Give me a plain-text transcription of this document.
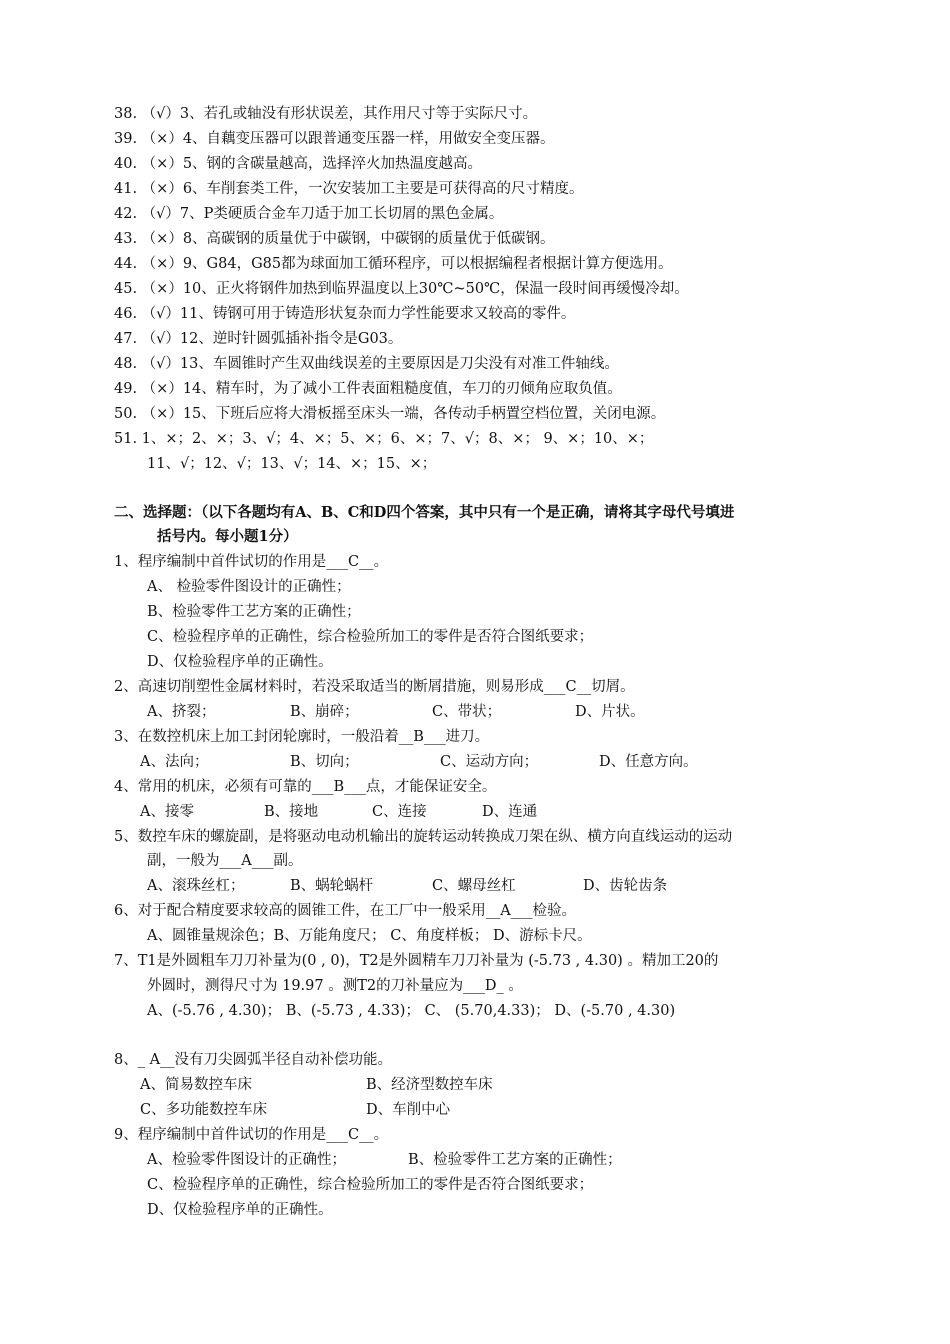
38. （√）3、若孔或轴没有形状误差，其作用尺寸等于实际尺寸。
39. （×）4、自藕变压器可以跟普通变压器一样，用做安全变压器。
40. （×）5、钢的含碳量越高，选择淬火加热温度越高。
41. （×）6、车削套类工件，一次安装加工主要是可获得高的尺寸精度。
42. （√）7、P类硬质合金车刀适于加工长切屑的黑色金属。
43. （×）8、高碳钢的质量优于中碳钢，中碳钢的质量优于低碳钢。
44. （×）9、G84，G85都为球面加工循环程序，可以根据编程者根据计算方便选用。
45. （×）10、正火将钢件加热到临界温度以上30℃~50℃，保温一段时间再缓慢冷却。
46. （√）11、铸钢可用于铸造形状复杂而力学性能要求又较高的零件。
47. （√）12、逆时针圆弧插补指令是G03。
48. （√）13、车圆锥时产生双曲线误差的主要原因是刀尖没有对准工件轴线。
49. （×）14、精车时，为了减小工件表面粗糙度值，车刀的刃倾角应取负值。
50. （×）15、下班后应将大滑板摇至床头一端，各传动手柄置空档位置，关闭电源。
51. 1、×；2、×；3、√；4、×；5、×；6、×；7、√；8、×； 9、×；10、×；
11、√；12、√；13、√；14、×；15、×；
二、选择题：（以下各题均有A、B、C和D四个答案，其中只有一个是正确，请将其字母代号填进
括号内。每小题1分）
1、程序编制中首件试切的作用是___C__。
A、 检验零件图设计的正确性；
B、检验零件工艺方案的正确性；
C、检验程序单的正确性，综合检验所加工的零件是否符合图纸要求；
D、仅检验程序单的正确性。
2、高速切削塑性金属材料时，若没采取适当的断屑措施，则易形成___C__切屑。
A、挤裂；	B、崩碎；	C、带状；	D、片状。
3、在数控机床上加工封闭轮廓时，一般沿着__B___进刀。
A、法向；	B、切向；	C、运动方向；	D、任意方向。
4、常用的机床，必须有可靠的___B___点，才能保证安全。
A、接零	B、接地	C、连接	D、连通
5、数控车床的螺旋副，是将驱动电动机输出的旋转运动转换成刀架在纵、横方向直线运动的运动
副，一般为___A___副。
A、滚珠丝杠；	B、蜗轮蜗杆	C、螺母丝杠	D、齿轮齿条
6、对于配合精度要求较高的圆锥工件，在工厂中一般采用__A___检验。
A、圆锥量规涂色；B、万能角度尺； C、角度样板； D、游标卡尺。
7、T1是外圆粗车刀刀补量为(0 , 0)，T2是外圆精车刀刀补量为 (-5.73 , 4.30) 。精加工20的
外圆时，测得尺寸为 19.97 。测T2的刀补量应为___D_ 。
A、(-5.76 , 4.30)； B、(-5.73 , 4.33)； C、 (5.70,4.33)； D、(-5.70 , 4.30)
8、_ A__没有刀尖圆弧半径自动补偿功能。
A、简易数控车床	B、经济型数控车床
C、多功能数控车床	D、车削中心
9、程序编制中首件试切的作用是___C__。
A、检验零件图设计的正确性；	B、检验零件工艺方案的正确性；
C、检验程序单的正确性，综合检验所加工的零件是否符合图纸要求；
D、仅检验程序单的正确性。
